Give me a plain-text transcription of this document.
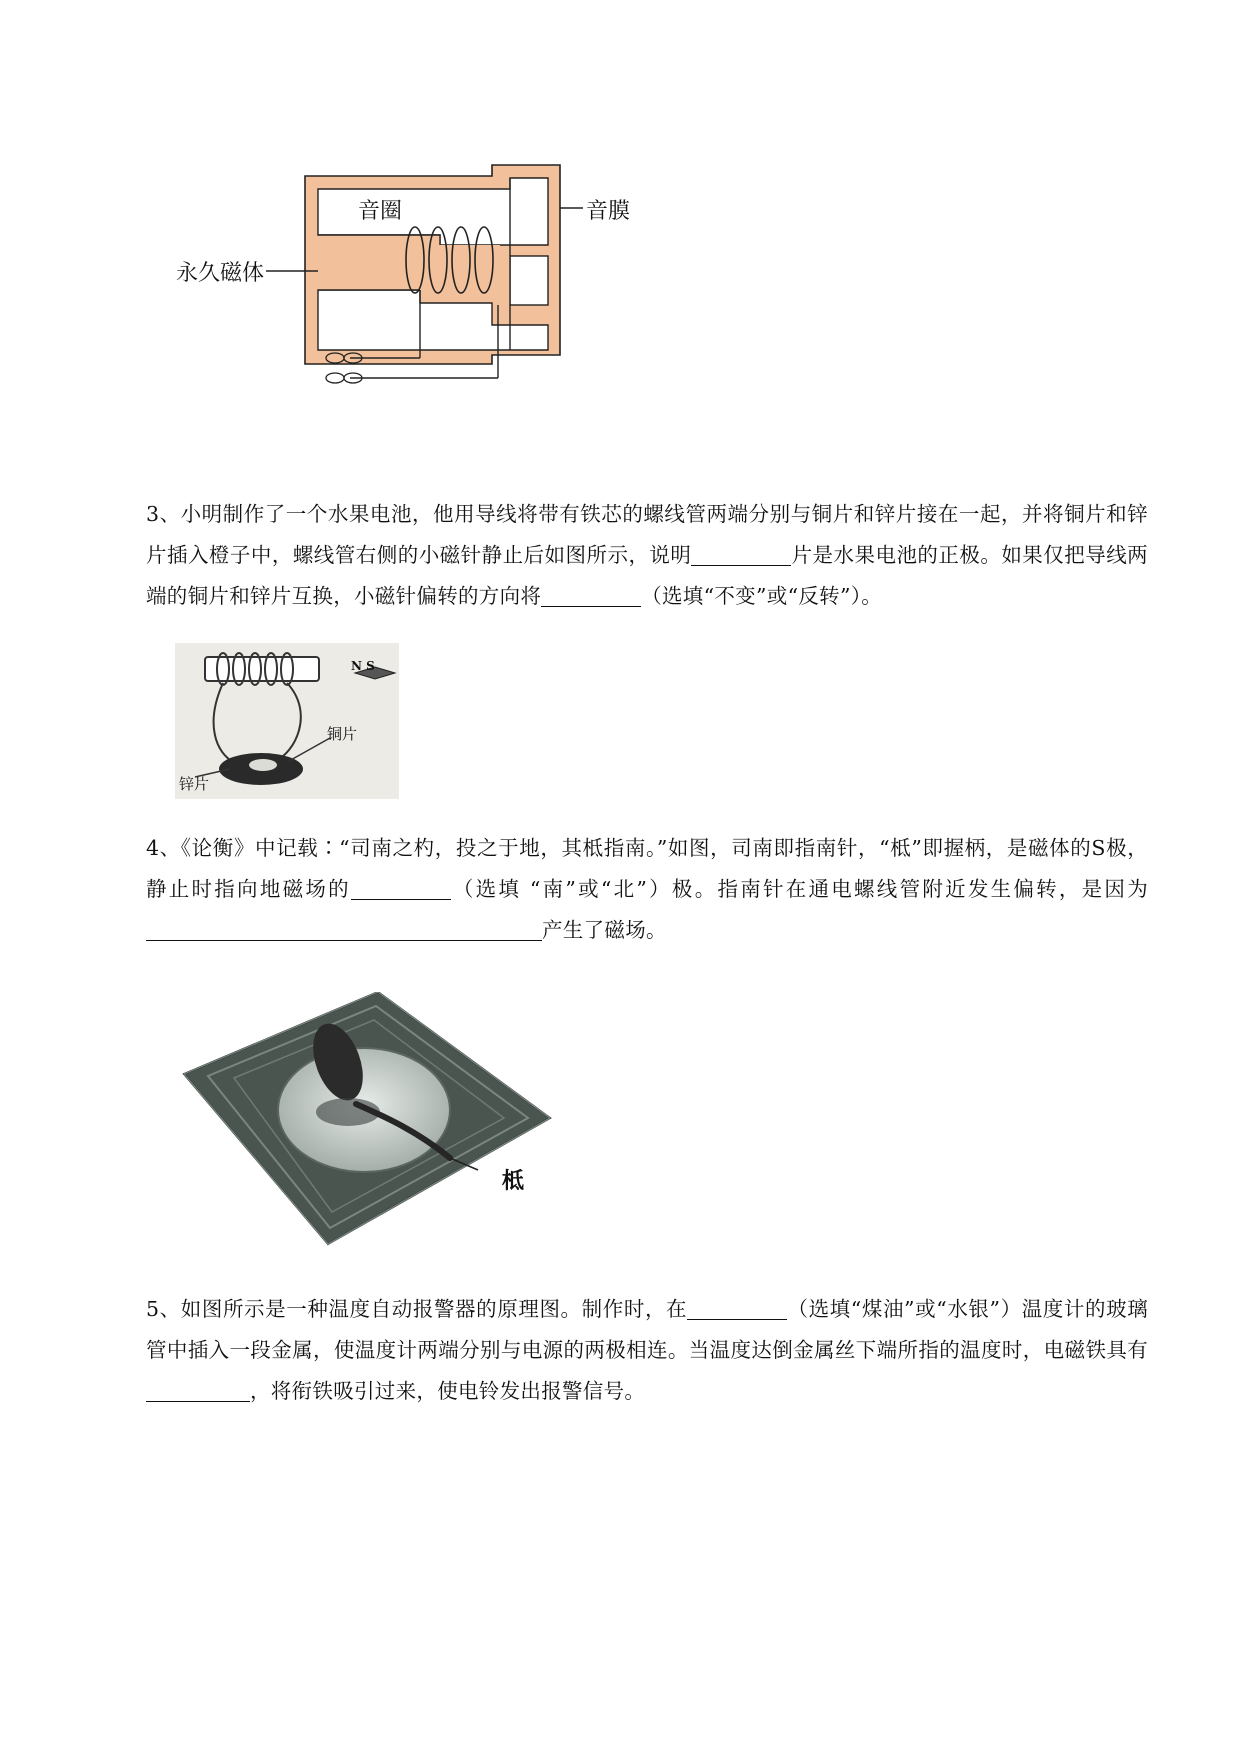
音圈	音膜
永久磁体
3、小明制作了一个水果电池，他用导线将带有铁芯的螺线管两端分别与铜片和锌片接在一起，并将铜片和锌片插入橙子中，螺线管右侧的小磁针静止后如图所示，说明	片是水果电池的正极。如果仅把导线两端的铜片和锌片互换，小磁针偏转的方向将	（选填“不变”或“反转”）。
N S
铜片
锌片
4、《论衡》中记载∶“司南之杓，投之于地，其柢指南。”如图，司南即指南针，“柢”即握柄，是磁体的S极，静止时指向地磁场的	（选填 “南”或“北”）极。指南针在通电螺线管附近发生偏转，是因为产生了磁场。
柢
5、如图所示是一种温度自动报警器的原理图。制作时，在	（选填“煤油”或“水银”）温度计的玻璃管中插入一段金属，使温度计两端分别与电源的两极相连。当温度达倒金属丝下端所指的温度时，电磁铁具有，将衔铁吸引过来，使电铃发出报警信号。
